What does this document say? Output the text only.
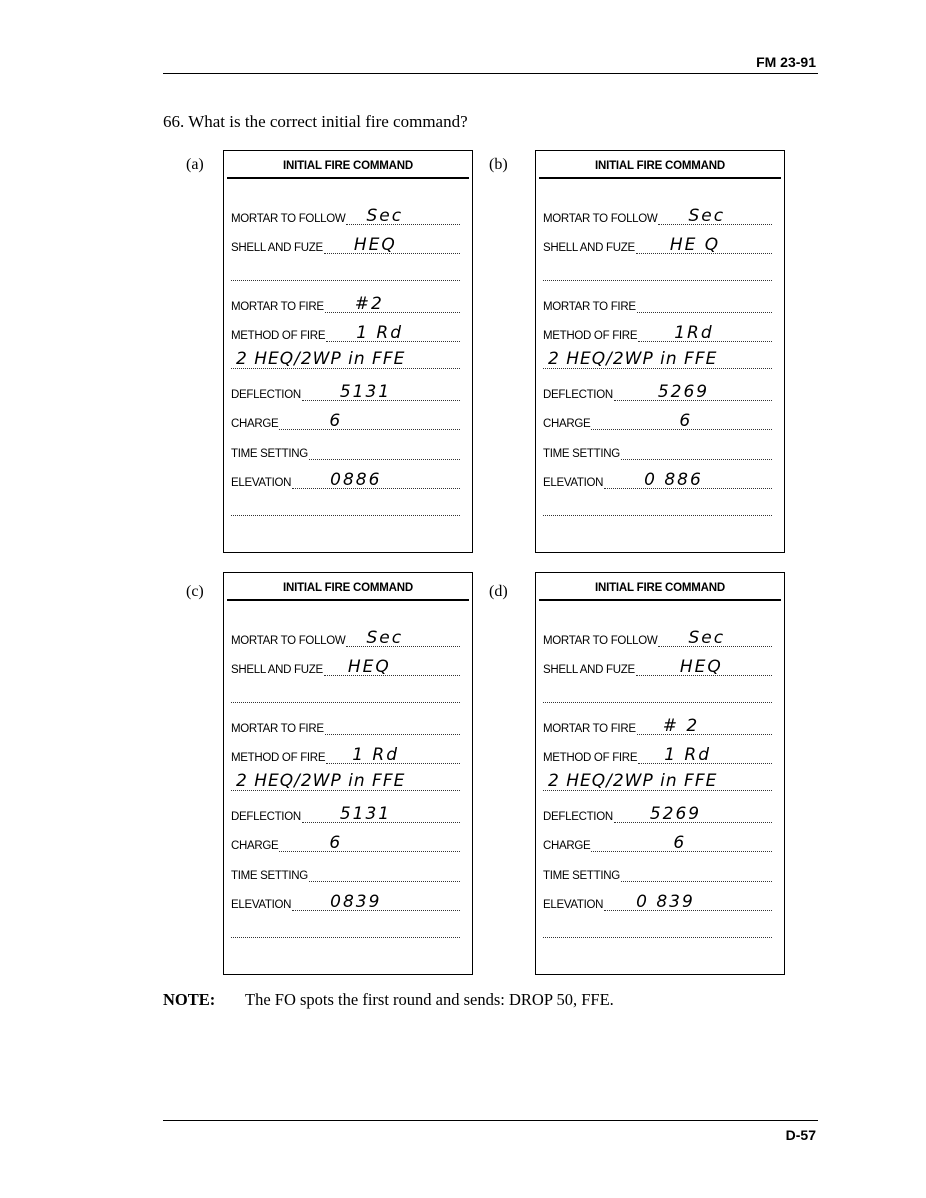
FM 23-91
66. What is the correct initial fire command?
(a)	(b)
(c)	(d)
INITIAL FIRE COMMAND
MORTAR TO FOLLOW Sec
SHELL AND FUZE HEQ
MORTAR TO FIRE #2
METHOD OF FIRE 1 Rd
2 HEQ/2WP in FFE
DEFLECTION 5131
CHARGE	6
TIME SETTING
ELEVATION 0886
INITIAL FIRE COMMAND
MORTAR TO FOLLOW Sec
SHELL AND FUZE HE Q
MORTAR TO FIRE
METHOD OF FIRE 1Rd
2 HEQ/2WP in FFE
DEFLECTION	5269
CHARGE	6
TIME SETTING
ELEVATION 0 886
INITIAL FIRE COMMAND
MORTAR TO FOLLOW Sec
SHELL AND FUZE HEQ
MORTAR TO FIRE
METHOD OF FIRE 1 Rd
2 HEQ/2WP in FFE
DEFLECTION 5131
CHARGE	6
TIME SETTING
ELEVATION 0839
INITIAL FIRE COMMAND
MORTAR TO FOLLOW Sec
SHELL AND FUZE	HEQ
MORTAR TO FIRE # 2
METHOD OF FIRE 1 Rd
2 HEQ/2WP in FFE
DEFLECTION 5269
CHARGE	6
TIME SETTING
ELEVATION 0 839
NOTE: The FO spots the first round and sends: DROP 50, FFE.
D-57
